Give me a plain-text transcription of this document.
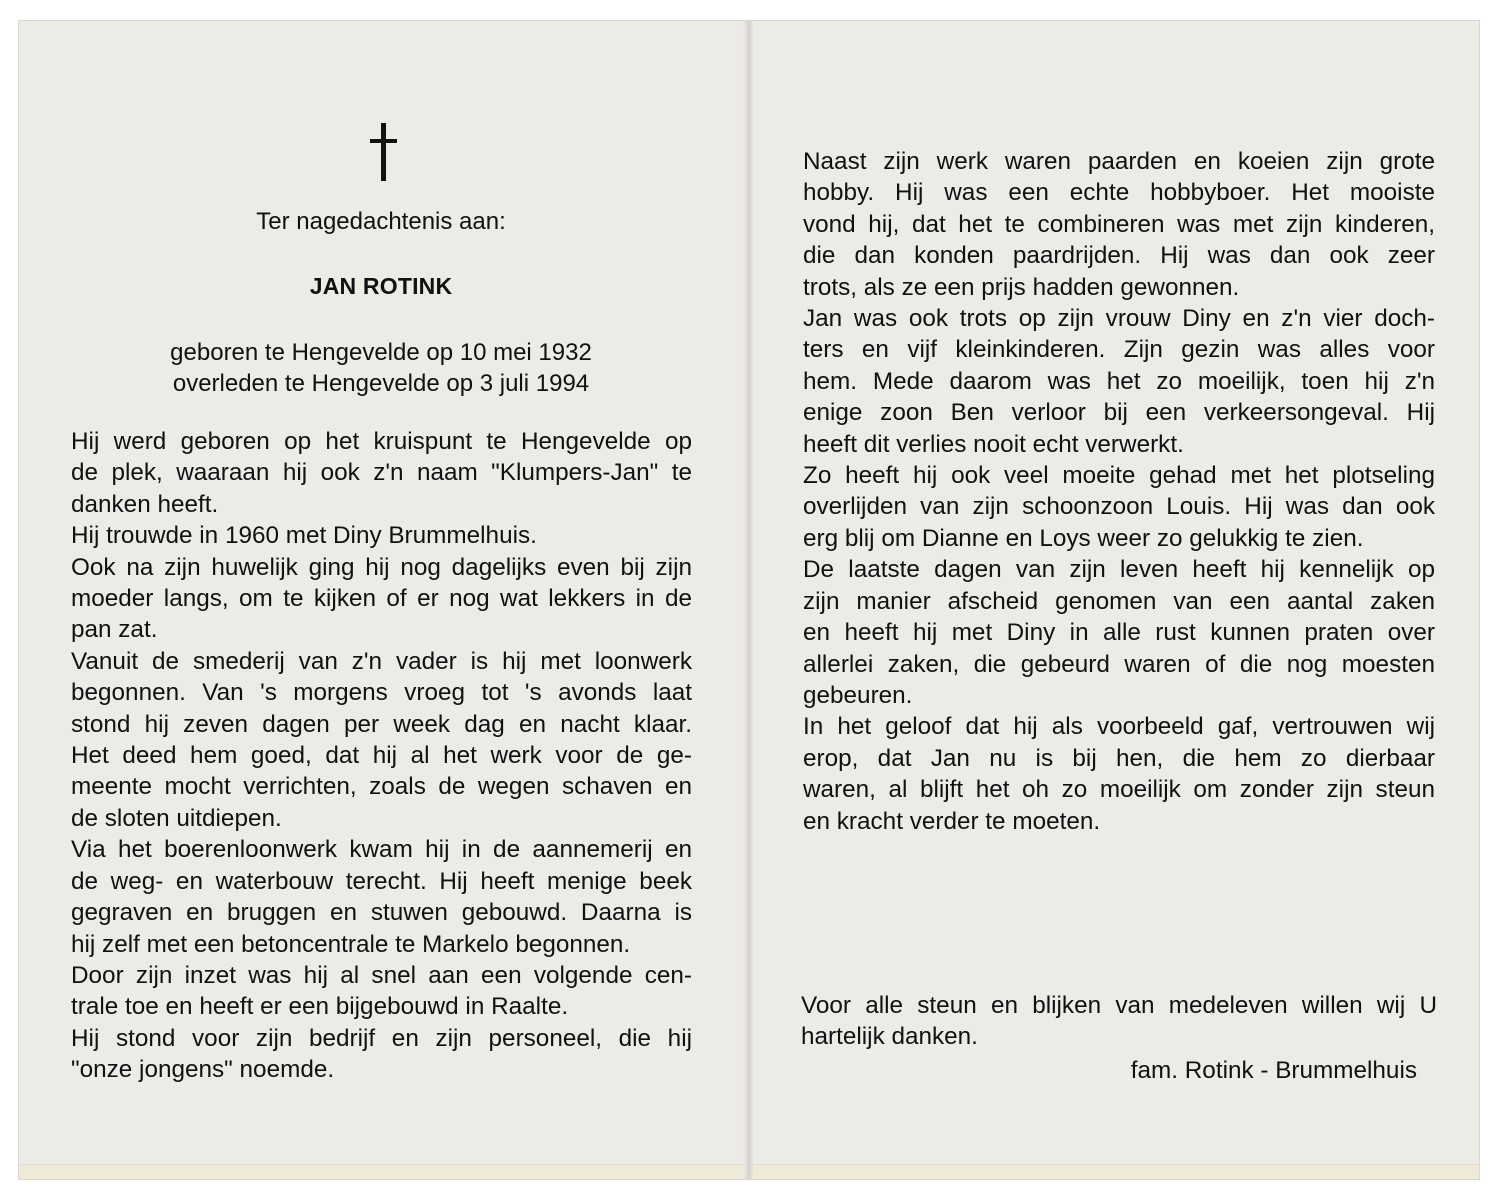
Ter nagedachtenis aan:
JAN ROTINK
geboren te Hengevelde op 10 mei 1932
overleden te Hengevelde op 3 juli 1994
Hij werd geboren op het kruispunt te Hengevelde op
de plek, waaraan hij ook z'n naam "Klumpers-Jan" te
danken heeft.
Hij trouwde in 1960 met Diny Brummelhuis.
Ook na zijn huwelijk ging hij nog dagelijks even bij zijn
moeder langs, om te kijken of er nog wat lekkers in de
pan zat.
Vanuit de smederij van z'n vader is hij met loonwerk
begonnen. Van 's morgens vroeg tot 's avonds laat
stond hij zeven dagen per week dag en nacht klaar.
Het deed hem goed, dat hij al het werk voor de ge-
meente mocht verrichten, zoals de wegen schaven en
de sloten uitdiepen.
Via het boerenloonwerk kwam hij in de aannemerij en
de weg- en waterbouw terecht. Hij heeft menige beek
gegraven en bruggen en stuwen gebouwd. Daarna is
hij zelf met een betoncentrale te Markelo begonnen.
Door zijn inzet was hij al snel aan een volgende cen-
trale toe en heeft er een bijgebouwd in Raalte.
Hij stond voor zijn bedrijf en zijn personeel, die hij
"onze jongens" noemde.
Naast zijn werk waren paarden en koeien zijn grote
hobby. Hij was een echte hobbyboer. Het mooiste
vond hij, dat het te combineren was met zijn kinderen,
die dan konden paardrijden. Hij was dan ook zeer
trots, als ze een prijs hadden gewonnen.
Jan was ook trots op zijn vrouw Diny en z'n vier doch-
ters en vijf kleinkinderen. Zijn gezin was alles voor
hem. Mede daarom was het zo moeilijk, toen hij z'n
enige zoon Ben verloor bij een verkeersongeval. Hij
heeft dit verlies nooit echt verwerkt.
Zo heeft hij ook veel moeite gehad met het plotseling
overlijden van zijn schoonzoon Louis. Hij was dan ook
erg blij om Dianne en Loys weer zo gelukkig te zien.
De laatste dagen van zijn leven heeft hij kennelijk op
zijn manier afscheid genomen van een aantal zaken
en heeft hij met Diny in alle rust kunnen praten over
allerlei zaken, die gebeurd waren of die nog moesten
gebeuren.
In het geloof dat hij als voorbeeld gaf, vertrouwen wij
erop, dat Jan nu is bij hen, die hem zo dierbaar
waren, al blijft het oh zo moeilijk om zonder zijn steun
en kracht verder te moeten.
Voor alle steun en blijken van medeleven willen wij U
hartelijk danken.
fam. Rotink - Brummelhuis
